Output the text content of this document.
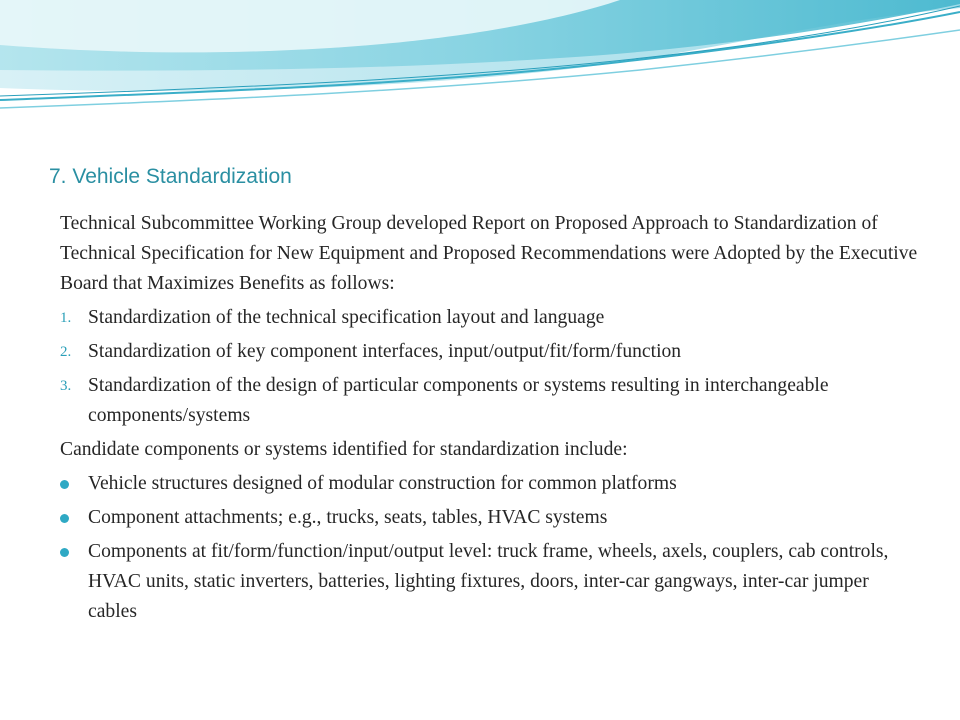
7. Vehicle Standardization

Technical Subcommittee Working Group developed Report on Proposed Approach to Standardization of Technical Specification for New Equipment and Proposed Recommendations were Adopted by the Executive Board that Maximizes Benefits as follows:

1. Standardization of the technical specification layout and language
2. Standardization of key component interfaces, input/output/fit/form/function
3. Standardization of the design of particular components or systems resulting in interchangeable components/systems

Candidate components or systems identified for standardization include:

Vehicle structures designed of modular construction for common platforms
Component attachments; e.g., trucks, seats, tables, HVAC systems
Components at fit/form/function/input/output level: truck frame, wheels, axels, couplers, cab controls, HVAC units, static inverters, batteries, lighting fixtures, doors, inter-car gangways, inter-car jumper cables
